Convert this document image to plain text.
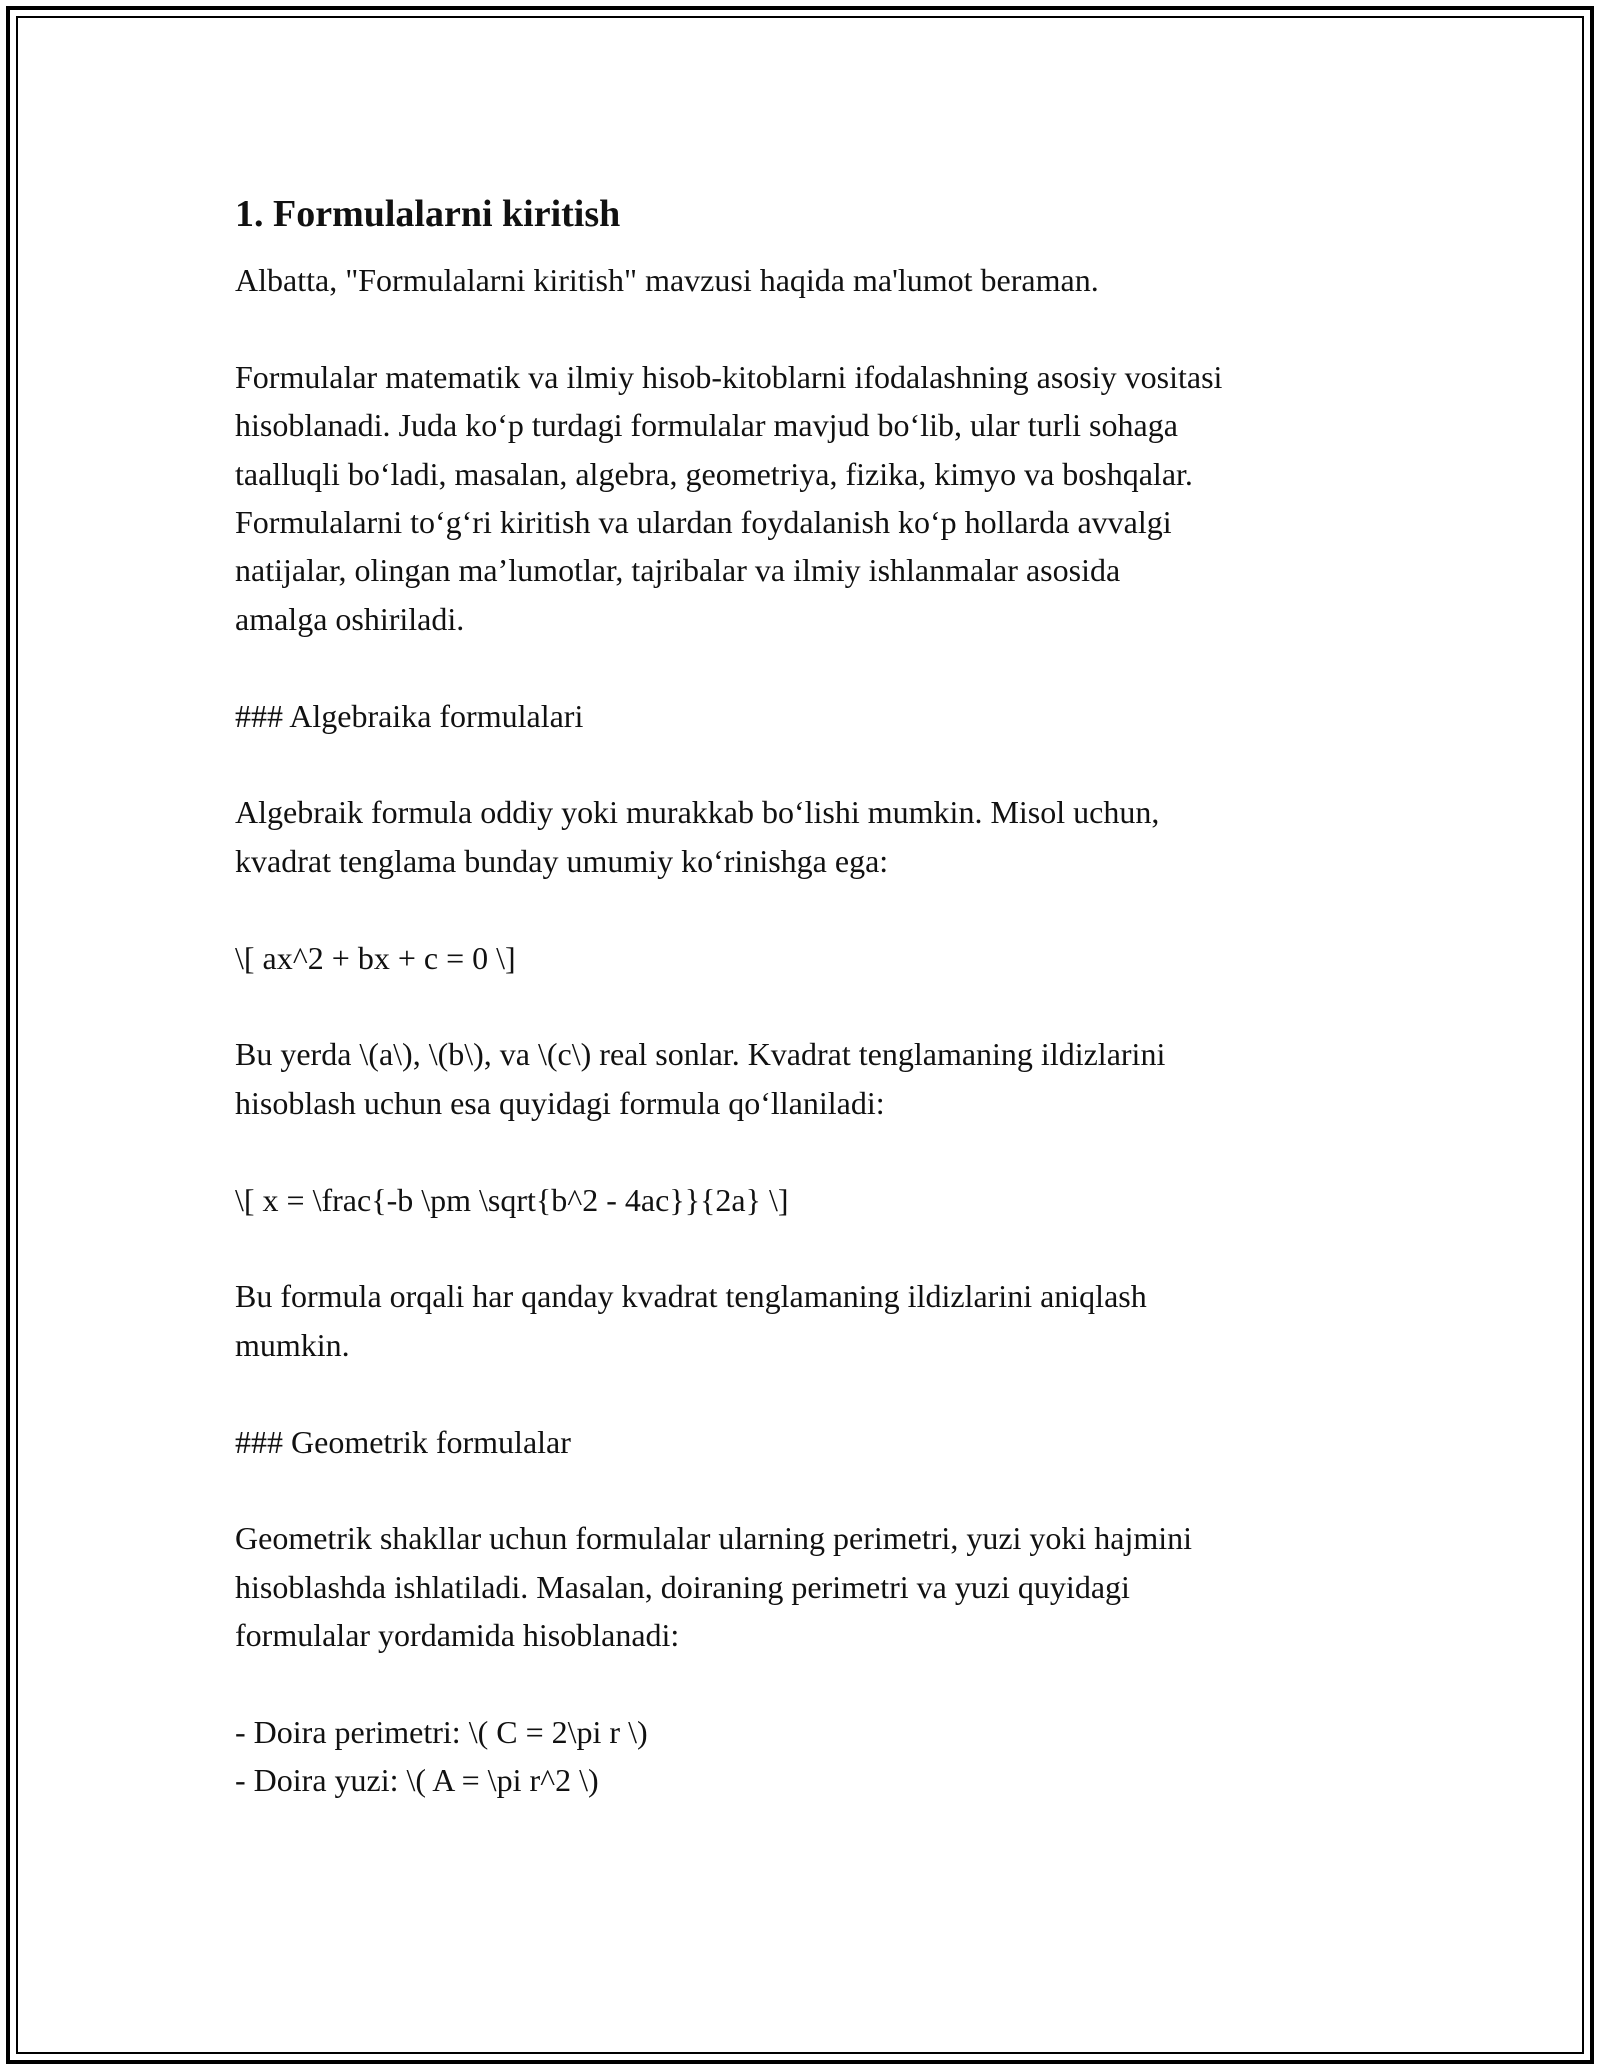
1. Formulalarni kiritish
Albatta, "Formulalarni kiritish" mavzusi haqida ma'lumot beraman.
Formulalar matematik va ilmiy hisob-kitoblarni ifodalashning asosiy vositasi
hisoblanadi. Juda koʻp turdagi formulalar mavjud boʻlib, ular turli sohaga
taalluqli boʻladi, masalan, algebra, geometriya, fizika, kimyo va boshqalar.
Formulalarni toʻgʻri kiritish va ulardan foydalanish koʻp hollarda avvalgi
natijalar, olingan maʼlumotlar, tajribalar va ilmiy ishlanmalar asosida
amalga oshiriladi.
### Algebraika formulalari
Algebraik formula oddiy yoki murakkab boʻlishi mumkin. Misol uchun,
kvadrat tenglama bunday umumiy koʻrinishga ega:
\[ ax^2 + bx + c = 0 \]
Bu yerda \(a\), \(b\), va \(c\) real sonlar. Kvadrat tenglamaning ildizlarini
hisoblash uchun esa quyidagi formula qoʻllaniladi:
\[ x = \frac{-b \pm \sqrt{b^2 - 4ac}}{2a} \]
Bu formula orqali har qanday kvadrat tenglamaning ildizlarini aniqlash
mumkin.
### Geometrik formulalar
Geometrik shakllar uchun formulalar ularning perimetri, yuzi yoki hajmini
hisoblashda ishlatiladi. Masalan, doiraning perimetri va yuzi quyidagi
formulalar yordamida hisoblanadi:
- Doira perimetri: \( C = 2\pi r \)
- Doira yuzi: \( A = \pi r^2 \)
